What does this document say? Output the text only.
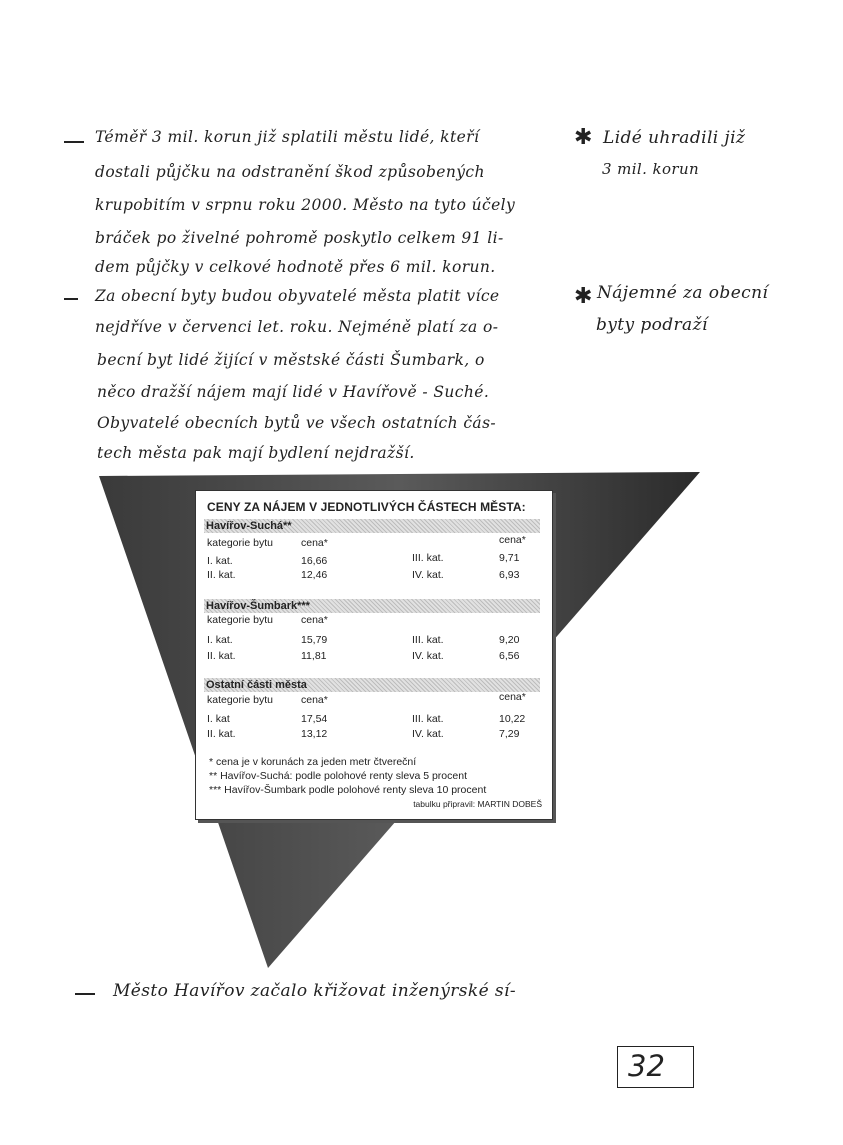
Téměř 3 mil. korun již splatili městu lidé, kteří
dostali půjčku na odstranění škod způsobených
krupobitím v srpnu roku 2000. Město na tyto účely
bráček po živelné pohromě poskytlo celkem 91 li-
dem půjčky v celkové hodnotě přes 6 mil. korun.
✱ Lidé uhradili již
3 mil. korun
Za obecní byty budou obyvatelé města platit více
nejdříve v červenci let. roku. Nejméně platí za o-
becní byt lidé žijící v městské části Šumbark, o
něco dražší nájem mají lidé v Havířově - Suché.
Obyvatelé obecních bytů ve všech ostatních čás-
tech města pak mají bydlení nejdražší.
✱ Nájemné za obecní
byty podraží
CENY ZA NÁJEM V JEDNOTLIVÝCH ČÁSTECH MĚSTA:
Havířov-Suchá**
kategorie bytu	cena*	cena*
I. kat.	16,66	III. kat.	9,71
II. kat.	12,46	IV. kat.	6,93
Havířov-Šumbark***
kategorie bytu	cena*
I. kat.	15,79	III. kat.	9,20
II. kat.	11,81	IV. kat.	6,56
Ostatní části města
kategorie bytu	cena*	cena*
I. kat	17,54	III. kat.	10,22
II. kat.	13,12	IV. kat.	7,29
* cena je v korunách za jeden metr čtvereční
** Havířov-Suchá: podle polohové renty sleva 5 procent
*** Havířov-Šumbark podle polohové renty sleva 10 procent
tabulku připravil: MARTIN DOBEŠ
Město Havířov začalo křižovat inženýrské sí-
32
